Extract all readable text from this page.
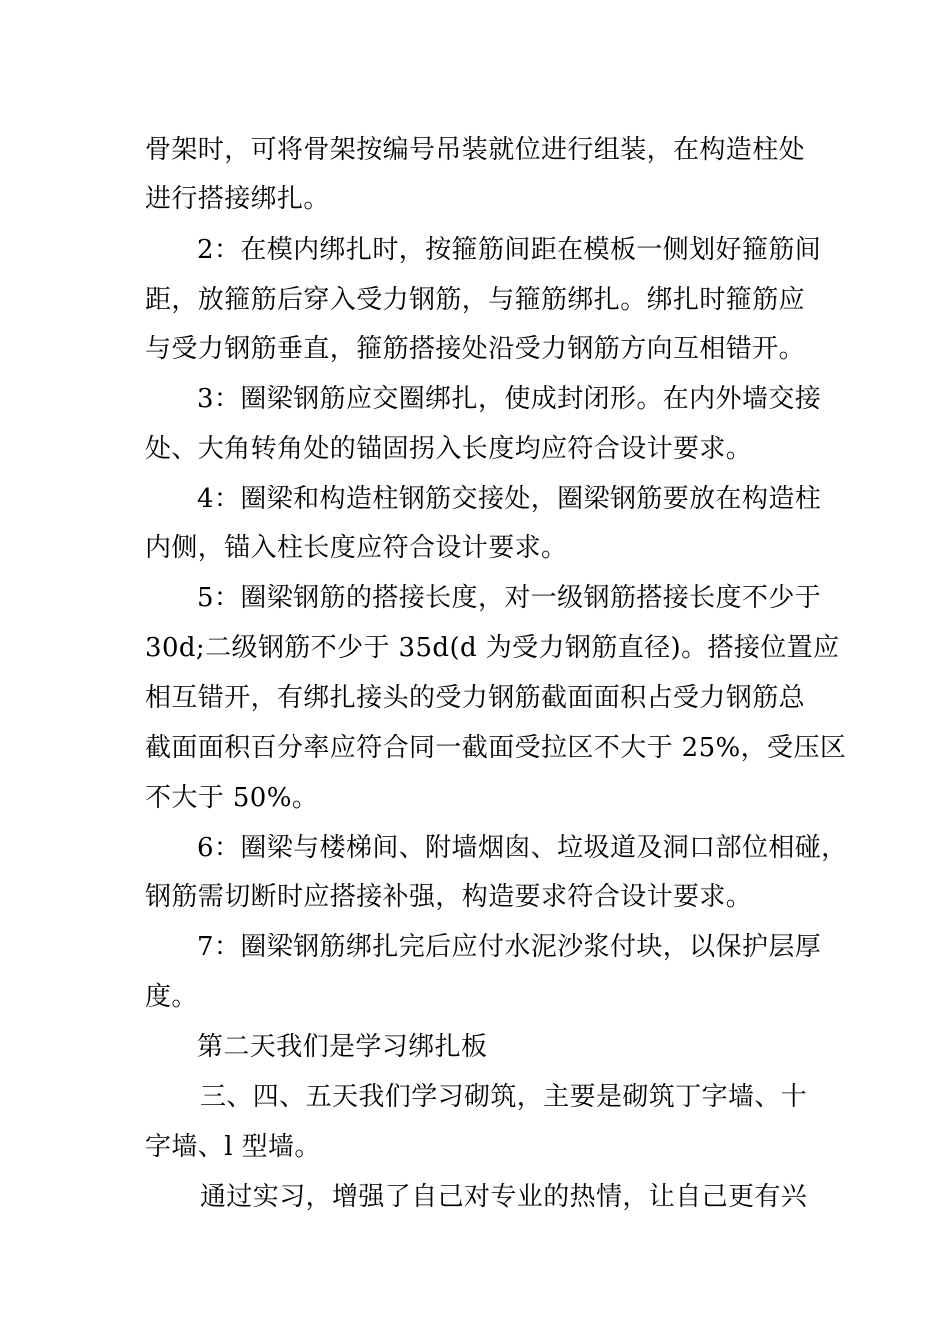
骨架时，可将骨架按编号吊装就位进行组装，在构造柱处
进行搭接绑扎。
2：在模内绑扎时，按箍筋间距在模板一侧划好箍筋间
距，放箍筋后穿入受力钢筋，与箍筋绑扎。绑扎时箍筋应
与受力钢筋垂直，箍筋搭接处沿受力钢筋方向互相错开。
3：圈梁钢筋应交圈绑扎，使成封闭形。在内外墙交接
处、大角转角处的锚固拐入长度均应符合设计要求。
4：圈梁和构造柱钢筋交接处，圈梁钢筋要放在构造柱
内侧，锚入柱长度应符合设计要求。
5：圈梁钢筋的搭接长度，对一级钢筋搭接长度不少于
30d;二级钢筋不少于 35d(d 为受力钢筋直径)。搭接位置应
相互错开，有绑扎接头的受力钢筋截面面积占受力钢筋总
截面面积百分率应符合同一截面受拉区不大于 25%，受压区
不大于 50%。
6：圈梁与楼梯间、附墙烟囱、垃圾道及洞口部位相碰，
钢筋需切断时应搭接补强，构造要求符合设计要求。
7：圈梁钢筋绑扎完后应付水泥沙浆付块，以保护层厚
度。
第二天我们是学习绑扎板
三、四、五天我们学习砌筑，主要是砌筑丁字墙、十
字墙、l 型墙。
通过实习，增强了自己对专业的热情，让自己更有兴
